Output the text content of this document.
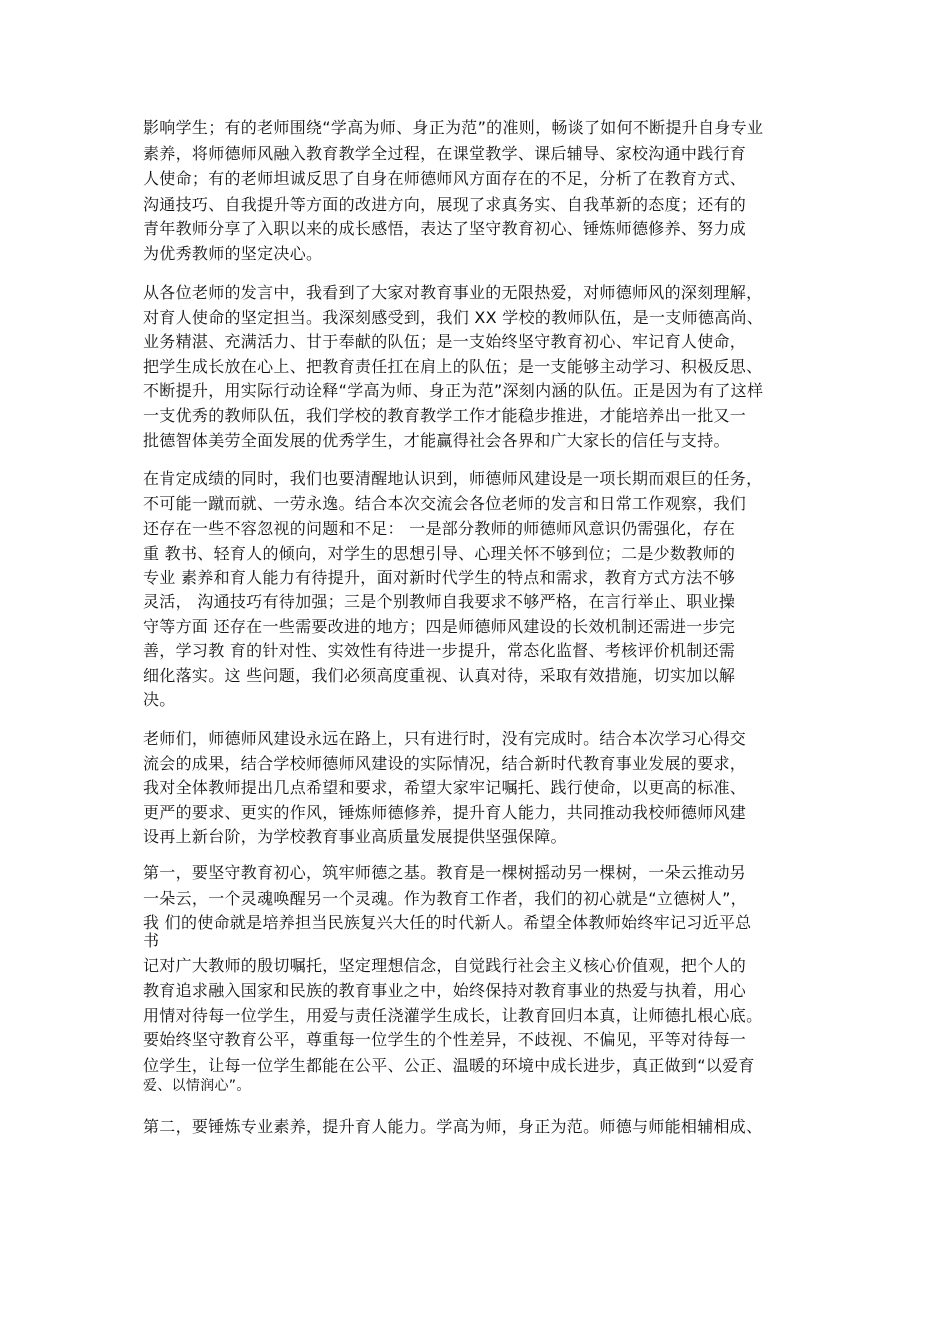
影响学生；有的老师围绕“学高为师、身正为范”的准则，畅谈了如何不断提升自身专业
素养，将师德师风融入教育教学全过程，在课堂教学、课后辅导、家校沟通中践行育
人使命；有的老师坦诚反思了自身在师德师风方面存在的不足，分析了在教育方式、
沟通技巧、自我提升等方面的改进方向，展现了求真务实、自我革新的态度；还有的
青年教师分享了入职以来的成长感悟，表达了坚守教育初心、锤炼师德修养、努力成
为优秀教师的坚定决心。
从各位老师的发言中，我看到了大家对教育事业的无限热爱，对师德师风的深刻理解，
对育人使命的坚定担当。我深刻感受到，我们 XX 学校的教师队伍，是一支师德高尚、
业务精湛、充满活力、甘于奉献的队伍；是一支始终坚守教育初心、牢记育人使命，
把学生成长放在心上、把教育责任扛在肩上的队伍；是一支能够主动学习、积极反思、
不断提升，用实际行动诠释“学高为师、身正为范”深刻内涵的队伍。正是因为有了这样
一支优秀的教师队伍，我们学校的教育教学工作才能稳步推进，才能培养出一批又一
批德智体美劳全面发展的优秀学生，才能赢得社会各界和广大家长的信任与支持。
在肯定成绩的同时，我们也要清醒地认识到，师德师风建设是一项长期而艰巨的任务，
不可能一蹴而就、一劳永逸。结合本次交流会各位老师的发言和日常工作观察，我们
还存在一些不容忽视的问题和不足： 一是部分教师的师德师风意识仍需强化，存在
重 教书、轻育人的倾向，对学生的思想引导、心理关怀不够到位；二是少数教师的
专业 素养和育人能力有待提升，面对新时代学生的特点和需求，教育方式方法不够
灵活， 沟通技巧有待加强；三是个别教师自我要求不够严格，在言行举止、职业操
守等方面 还存在一些需要改进的地方；四是师德师风建设的长效机制还需进一步完
善，学习教 育的针对性、实效性有待进一步提升，常态化监督、考核评价机制还需
细化落实。这 些问题，我们必须高度重视、认真对待，采取有效措施，切实加以解
决。
老师们，师德师风建设永远在路上，只有进行时，没有完成时。结合本次学习心得交
流会的成果，结合学校师德师风建设的实际情况，结合新时代教育事业发展的要求，
我对全体教师提出几点希望和要求，希望大家牢记嘱托、践行使命，以更高的标准、
更严的要求、更实的作风，锤炼师德修养，提升育人能力，共同推动我校师德师风建
设再上新台阶，为学校教育事业高质量发展提供坚强保障。
第一，要坚守教育初心，筑牢师德之基。教育是一棵树摇动另一棵树，一朵云推动另
一朵云，一个灵魂唤醒另一个灵魂。作为教育工作者，我们的初心就是“立德树人”，
我 们的使命就是培养担当民族复兴大任的时代新人。希望全体教师始终牢记习近平总
书
记对广大教师的殷切嘱托，坚定理想信念，自觉践行社会主义核心价值观，把个人的
教育追求融入国家和民族的教育事业之中，始终保持对教育事业的热爱与执着，用心
用情对待每一位学生，用爱与责任浇灌学生成长，让教育回归本真，让师德扎根心底。
要始终坚守教育公平，尊重每一位学生的个性差异，不歧视、不偏见，平等对待每一
位学生，让每一位学生都能在公平、公正、温暖的环境中成长进步，真正做到“以爱育
爱、以情润心”。
第二，要锤炼专业素养，提升育人能力。学高为师，身正为范。师德与师能相辅相成、
